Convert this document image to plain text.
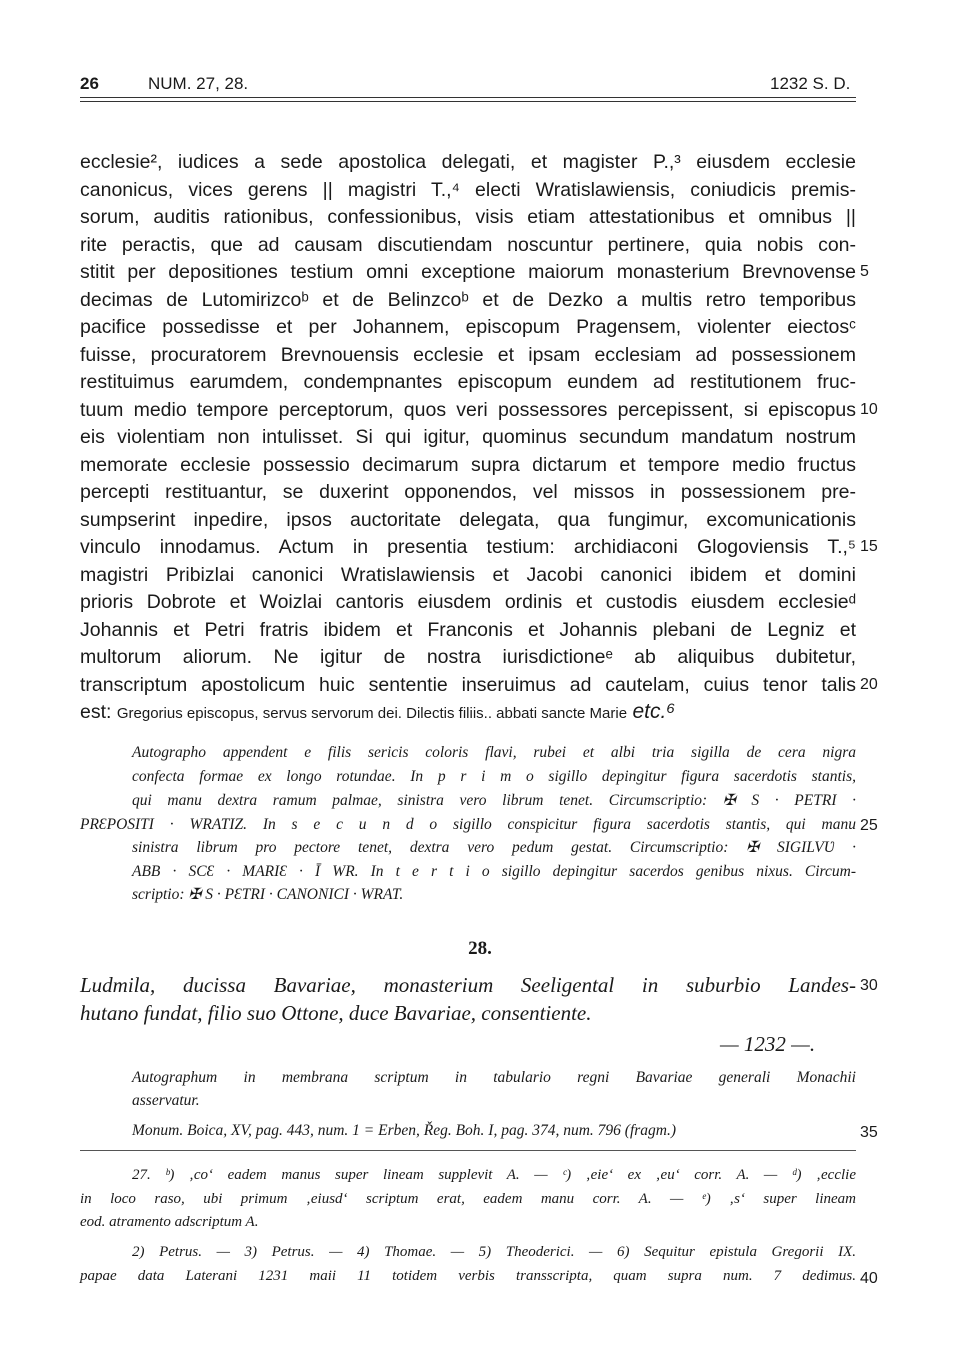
26	NUM. 27, 28.	1232 S. D.
ecclesie², iudices a sede apostolica delegati, et magister P.,³ eiusdem ecclesie
canonicus, vices gerens || magistri T.,⁴ electi Wratislawiensis, coniudicis premis-
sorum, auditis rationibus, confessionibus, visis etiam attestationibus et omnibus ||
rite peractis, que ad causam discutiendam noscuntur pertinere, quia nobis con-
stitit per depositiones testium omni exceptione maiorum monasterium Brevnovense
decimas de Lutomirizcoᵇ et de Belinzcoᵇ et de Dezko a multis retro temporibus
pacifice possedisse et per Johannem, episcopum Pragensem, violenter eiectosᶜ
fuisse, procuratorem Brevnouensis ecclesie et ipsam ecclesiam ad possessionem
restituimus earumdem, condempnantes episcopum eundem ad restitutionem fruc-
tuum medio tempore perceptorum, quos veri possessores percepissent, si episcopus
eis violentiam non intulisset. Si qui igitur, quominus secundum mandatum nostrum
memorate ecclesie possessio decimarum supra dictarum et tempore medio fructus
percepti restituantur, se duxerint opponendos, vel missos in possessionem pre-
sumpserint inpedire, ipsos auctoritate delegata, qua fungimur, excomunicationis
vinculo innodamus. Actum in presentia testium: archidiaconi Glogoviensis T.,⁵
magistri Pribizlai canonici Wratislawiensis et Jacobi canonici ibidem et domini
prioris Dobrote et Woizlai cantoris eiusdem ordinis et custodis eiusdem ecclesieᵈ
Johannis et Petri fratris ibidem et Franconis et Johannis plebani de Legniz et
multorum aliorum. Ne igitur de nostra iurisdictioneᵉ ab aliquibus dubitetur,
transcriptum apostolicum huic sententie inseruimus ad cautelam, cuius tenor talis
est: Gregorius episcopus, servus servorum dei. Dilectis filiis.. abbati sancte Marie etc.⁶
5
10
15
20
Autographo appendent e filis sericis coloris flavi, rubei et albi tria sigilla de cera nigra
confecta formae ex longo rotundae. In p r i m o sigillo depingitur figura sacerdotis stantis,
qui manu dextra ramum palmae, sinistra vero librum tenet. Circumscriptio: ✠ S · PETRI ·
PRƐPOSITI · WRATIZ. In s e c u n d o sigillo conspicitur figura sacerdotis stantis, qui manu
sinistra librum pro pectore tenet, dextra vero pedum gestat. Circumscriptio: ✠ SIGILVƲ ·
ABB · SCƐ · MARIƐ · Ī WR. In t e r t i o sigillo depingitur sacerdos genibus nixus. Circum-
scriptio: ✠ S · PƐTRI · CANONICI · WRAT.
25
28.
Ludmila, ducissa Bavariae, monasterium Seeligental in suburbio Landes-
hutano fundat, filio suo Ottone, duce Bavariae, consentiente.
30
— 1232 —.
Autographum in membrana scriptum in tabulario regni Bavariae generali Monachii
asservatur.
Monum. Boica, XV, pag. 443, num. 1 = Erben, Řeg. Boh. I, pag. 374, num. 796 (fragm.)	35
27. ᵇ) ‚co‘ eadem manus super lineam supplevit A. — ᶜ) ‚eie‘ ex ‚eu‘ corr. A. — ᵈ) ‚ecclie
in loco raso, ubi primum ‚eiusd‘ scriptum erat, eadem manu corr. A. — ᵉ) ‚s‘ super lineam
eod. atramento adscriptum A.
2) Petrus. — 3) Petrus. — 4) Thomae. — 5) Theoderici. — 6) Sequitur epistula Gregorii IX.
papae data Laterani 1231 maii 11 totidem verbis transscripta, quam supra num. 7 dedimus. 40
